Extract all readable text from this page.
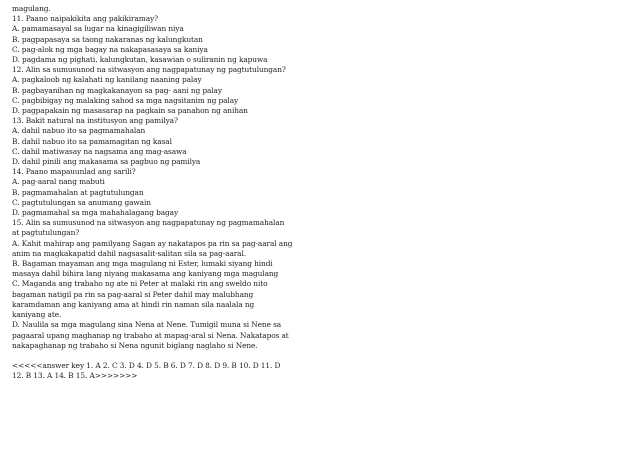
magulang.
11. Paano naipakikita ang pakikiramay?
A. pamamasayal sa lugar na kinagigiliwan niya
B. pagpapasaya sa taong nakaranas ng kalungkutan
C. pag-alok ng mga bagay na nakapasasaya sa kaniya
D. pagdama ng pighati, kalungkutan, kasawian o suliranin ng kapuwa
12. Alin sa sumusunod na sitwasyon ang nagpapatunay ng pagtutulungan?
A. pagkaloob ng kalahati ng kanilang naaning palay
B. pagbayanihan ng magkakanayon sa pag- aani ng palay
C. pagbibigay ng malaking sahod sa mga nagsitanim ng palay
D. pagpapakain ng masasarap na pagkain sa panahon ng anihan
13. Bakit natural na institusyon ang pamilya?
A. dahil nabuo ito sa pagmamahalan
B. dahil nabuo ito sa pamamagitan ng kasal
C. dahil matiwasay na nagsama ang mag-asawa
D. dahil pinili ang makasama sa pagbuo ng pamilya
14. Paano mapauunlad ang sarili?
A. pag-aaral nang mabuti
B. pagmamahalan at pagtutulungan
C. pagtutulungan sa anumang gawain
D. pagmamahal sa mga mahahalagang bagay
15. Alin sa sumusunod na sitwasyon ang nagpapatunay ng pagmamahalan
at pagtutulungan?
A. Kahit mahirap ang pamilyang Sagan ay nakatapos pa rin sa pag-aaral ang
anim na magkakapatid dahil nagsasalit-salitan sila sa pag-aaral.
B. Bagaman mayaman ang mga magulang ni Ester, lumaki siyang hindi
masaya dahil bihira lang niyang makasama ang kaniyang mga magulang
C. Maganda ang trabaho ng ate ni Peter at malaki rin ang sweldo nito
bagaman natigil pa rin sa pag-aaral si Peter dahil may malubhang
karamdaman ang kaniyang ama at hindi rin naman sila naalala ng
kaniyang ate.
D. Naulila sa mga magulang sina Nena at Nene. Tumigil muna si Nene sa
pagaaral upang maghanap ng trabaho at mapag-aral si Nena. Nakatapos at
nakapaghanap ng trabaho si Nena ngunit biglang naglaho si Nene.
<<<<<answer key 1. A 2. C 3. D 4. D 5. B 6. D 7. D 8. D 9. B 10. D 11. D
12. B 13. A 14. B 15. A>>>>>>>
